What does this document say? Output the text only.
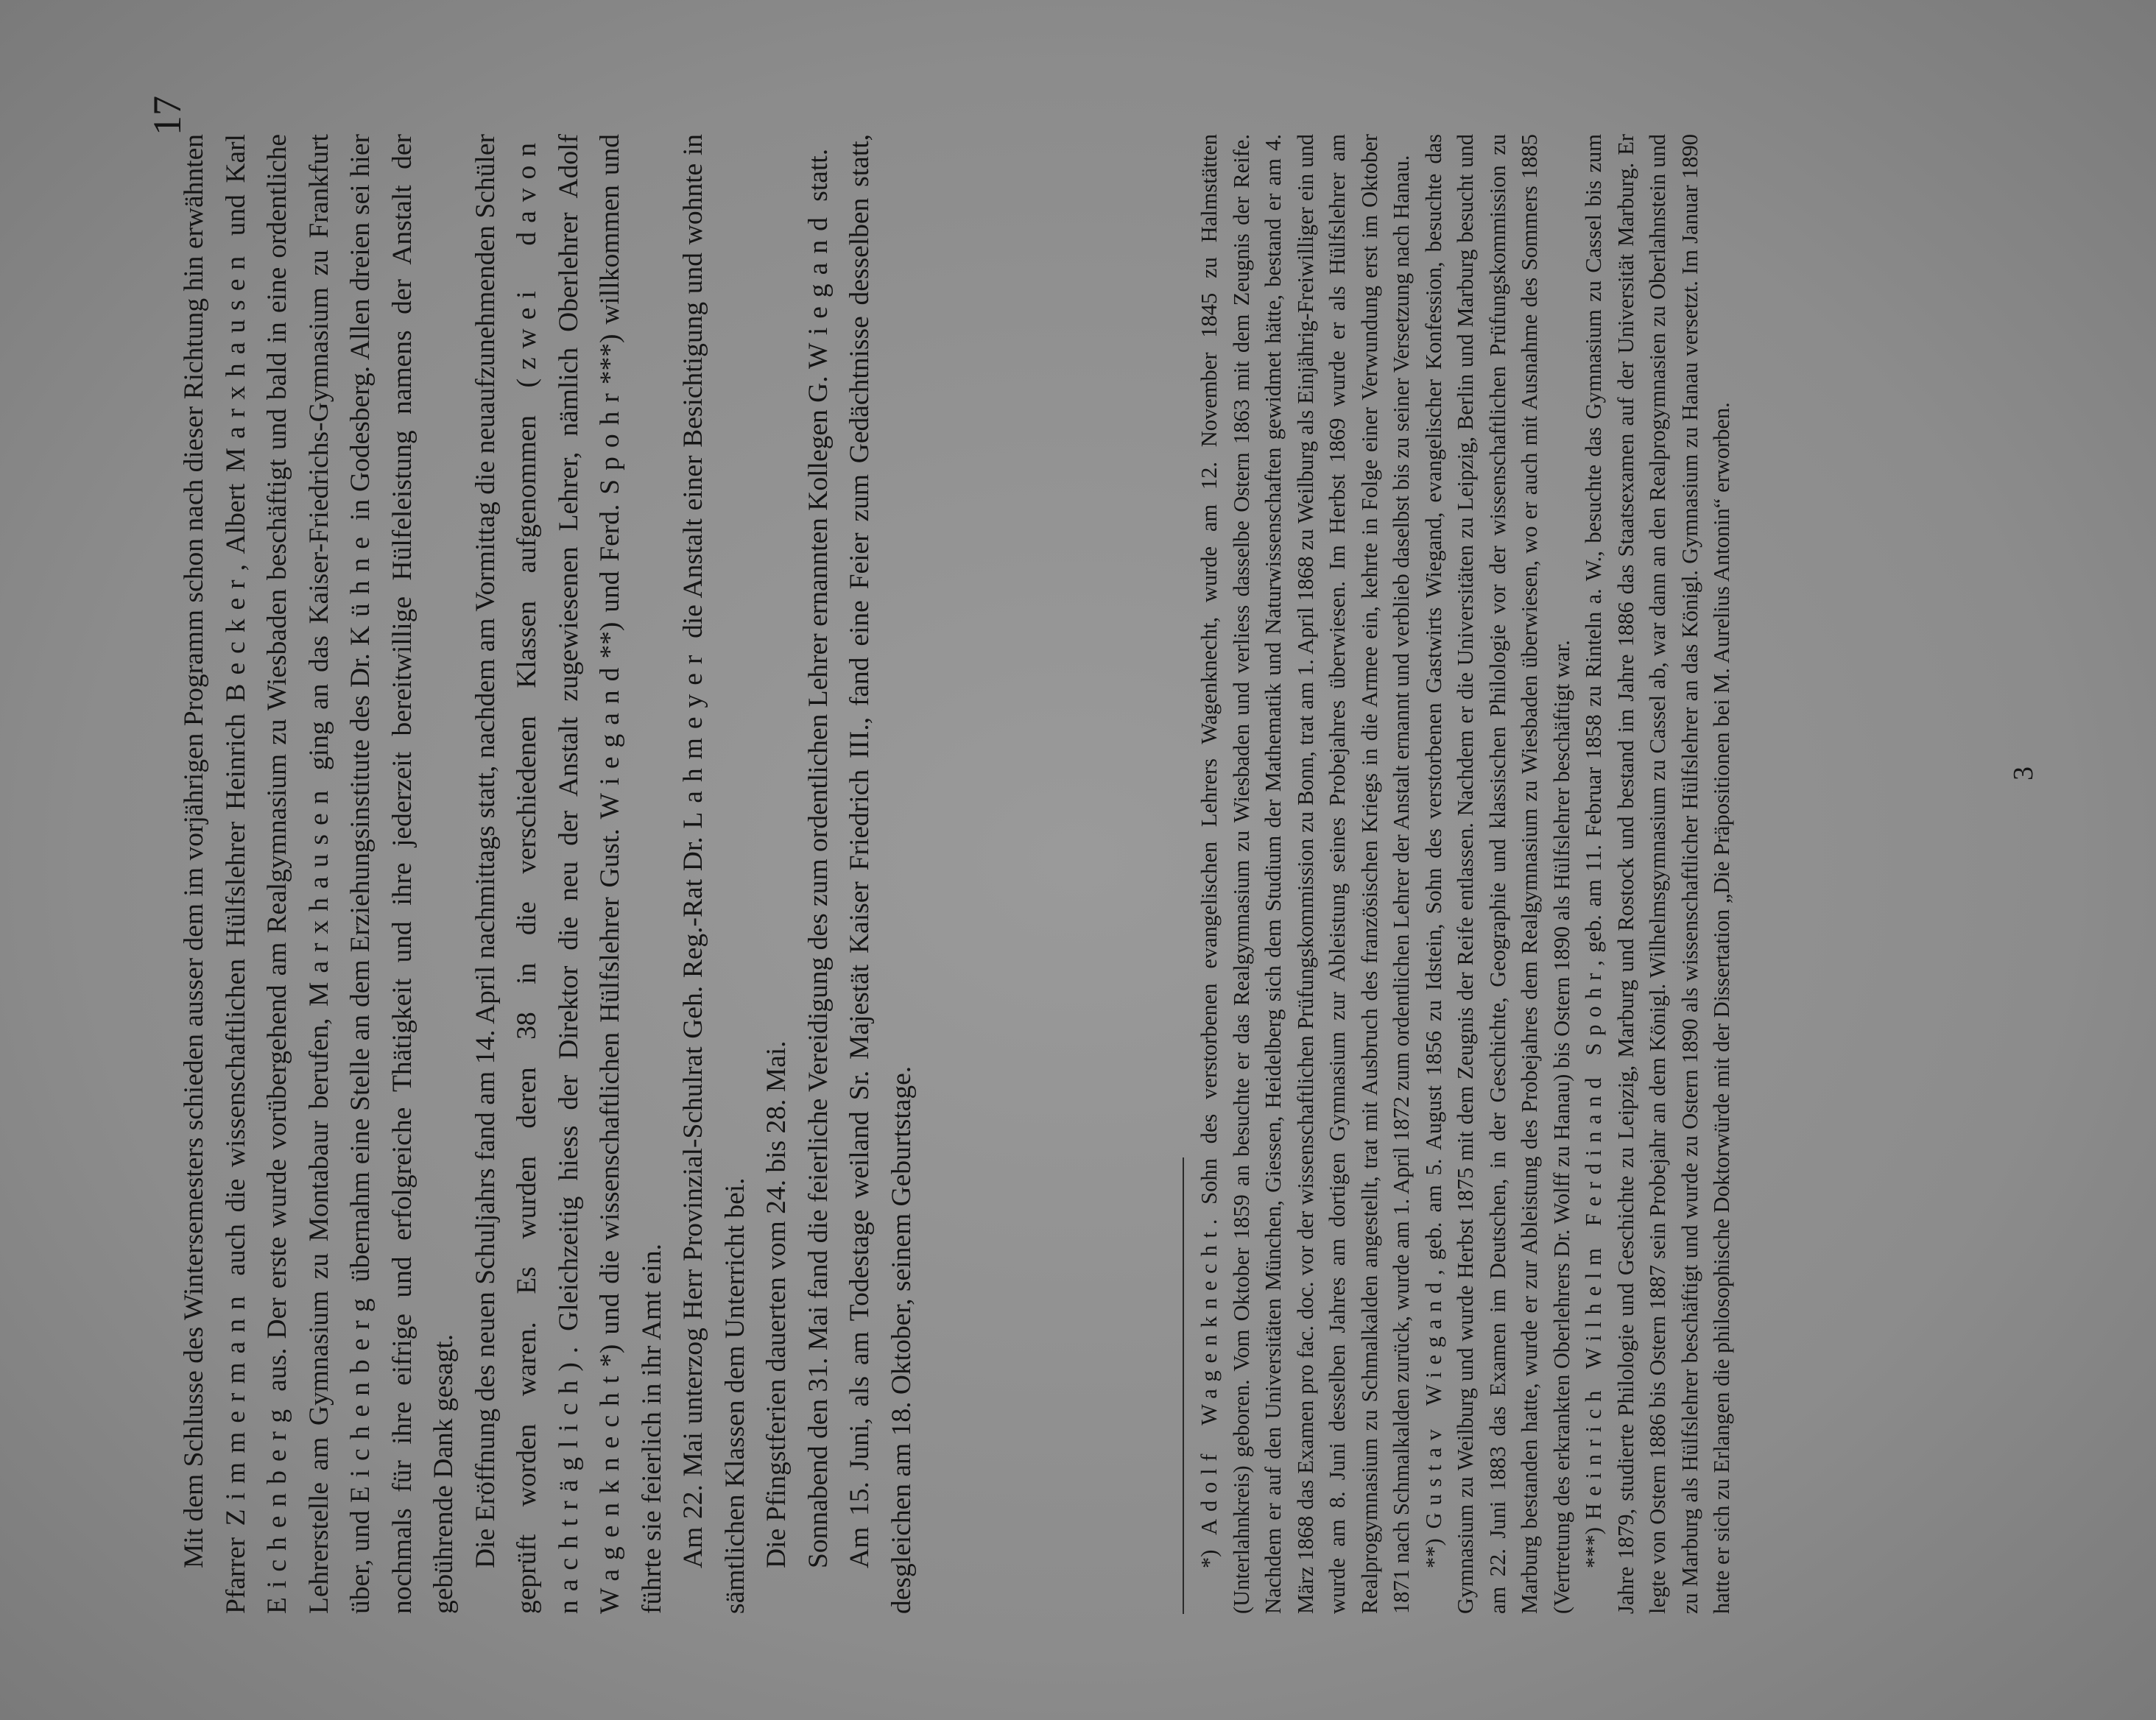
17

Mit dem Schlusse des Wintersemesters schieden ausser dem im vorjährigen Programm schon nach dieser Richtung hin erwähnten Pfarrer Zimmermann auch die wissenschaftlichen Hülfslehrer Heinrich Becker, Albert Marxhausen und Karl Eichenberg aus. Der erste wurde vorübergehend am Realgymnasium zu Wiesbaden beschäftigt und bald in eine ordentliche Lehrerstelle am Gymnasium zu Montabaur berufen, Marxhausen ging an das Kaiser-Friedrichs-Gymnasium zu Frankfurt über, und Eichenberg übernahm eine Stelle an dem Erziehungsinstitute des Dr. Kühne in Godesberg. Allen dreien sei hier nochmals für ihre eifrige und erfolgreiche Thätigkeit und ihre jederzeit bereitwillige Hülfeleistung namens der Anstalt der gebührende Dank gesagt. Die Eröffnung des neuen Schuljahrs fand am 14. April nachmittags statt, nachdem am Vormittag die neuaufzunehmenden Schüler geprüft worden waren. Es wurden deren 38 in die verschiedenen Klassen aufgenommen (zwei davon nachträglich). Gleichzeitig hiess der Direktor die neu der Anstalt zugewiesenen Lehrer, nämlich Oberlehrer Adolf Wagenknecht*) und die wissenschaftlichen Hülfslehrer Gust. Wiegand**) und Ferd. Spohr***) willkommen und führte sie feierlich in ihr Amt ein. Am 22. Mai unterzog Herr Provinzial-Schulrat Geh. Reg.-Rat Dr. Lahmeyer die Anstalt einer Besichtigung und wohnte in sämtlichen Klassen dem Unterricht bei. Die Pfingstferien dauerten vom 24. bis 28. Mai. Sonnabend den 31. Mai fand die feierliche Vereidigung des zum ordentlichen Lehrer ernannten Kollegen G. Wiegand statt. Am 15. Juni, als am Todestage weiland Sr. Majestät Kaiser Friedrich III., fand eine Feier zum Gedächtnisse desselben statt, desgleichen am 18. Oktober, seinem Geburtstage.	*) Adolf Wagenknecht. Sohn des verstorbenen evangelischen Lehrers Wagenknecht, wurde am 12. November 1845 zu Halmstätten (Unterlahnkreis) geboren. Vom Oktober 1859 an besuchte er das Realgymnasium zu Wiesbaden und verliess dasselbe Ostern 1863 mit dem Zeugnis der Reife. Nachdem er auf den Universitäten München, Giessen, Heidelberg sich dem Studium der Mathematik und Naturwissenschaften gewidmet hätte, bestand er am 4. März 1868 das Examen pro fac. doc. vor der wissenschaftlichen Prüfungskommission zu Bonn, trat am 1. April 1868 zu Weilburg als Einjährig-Freiwilliger ein und wurde am 8. Juni desselben Jahres am dortigen Gymnasium zur Ableistung seines Probejahres überwiesen. Im Herbst 1869 wurde er als Hülfslehrer am Realprogymnasium zu Schmalkalden angestellt, trat mit Ausbruch des französischen Kriegs in die Armee ein, kehrte in Folge einer Verwundung erst im Oktober 1871 nach Schmalkalden zurück, wurde am 1. April 1872 zum ordentlichen Lehrer der Anstalt ernannt und verblieb daselbst bis zu seiner Versetzung nach Hanau. **) Gustav Wiegand, geb. am 5. August 1856 zu Idstein, Sohn des verstorbenen Gastwirts Wiegand, evangelischer Konfession, besuchte das Gymnasium zu Weilburg und wurde Herbst 1875 mit dem Zeugnis der Reife entlassen. Nachdem er die Universitäten zu Leipzig, Berlin und Marburg besucht und am 22. Juni 1883 das Examen im Deutschen, in der Geschichte, Geographie und klassischen Philologie vor der wissenschaftlichen Prüfungskommission zu Marburg bestanden hatte, wurde er zur Ableistung des Probejahres dem Realgymnasium zu Wiesbaden überwiesen, wo er auch mit Ausnahme des Sommers 1885 (Vertretung des erkrankten Oberlehrers Dr. Wolff zu Hanau) bis Ostern 1890 als Hülfslehrer beschäftigt war. ***) Heinrich Wilhelm Ferdinand Spohr, geb. am 11. Februar 1858 zu Rinteln a. W., besuchte das Gymnasium zu Cassel bis zum Jahre 1879, studierte Philologie und Geschichte zu Leipzig, Marburg und Rostock und bestand im Jahre 1886 das Staatsexamen auf der Universität Marburg. Er legte von Ostern 1886 bis Ostern 1887 sein Probejahr an dem Königl. Wilhelmsgymnasium zu Cassel ab, war dann an den Realprogymnasien zu Oberlahnstein und zu Marburg als Hülfslehrer beschäftigt und wurde zu Ostern 1890 als wissenschaftlicher Hülfslehrer an das Königl. Gymnasium zu Hanau versetzt. Im Januar 1890 hatte er sich zu Erlangen die philosophische Doktorwürde mit der Dissertation „Die Präpositionen bei M. Aurelius Antonin“ erworben.	3
